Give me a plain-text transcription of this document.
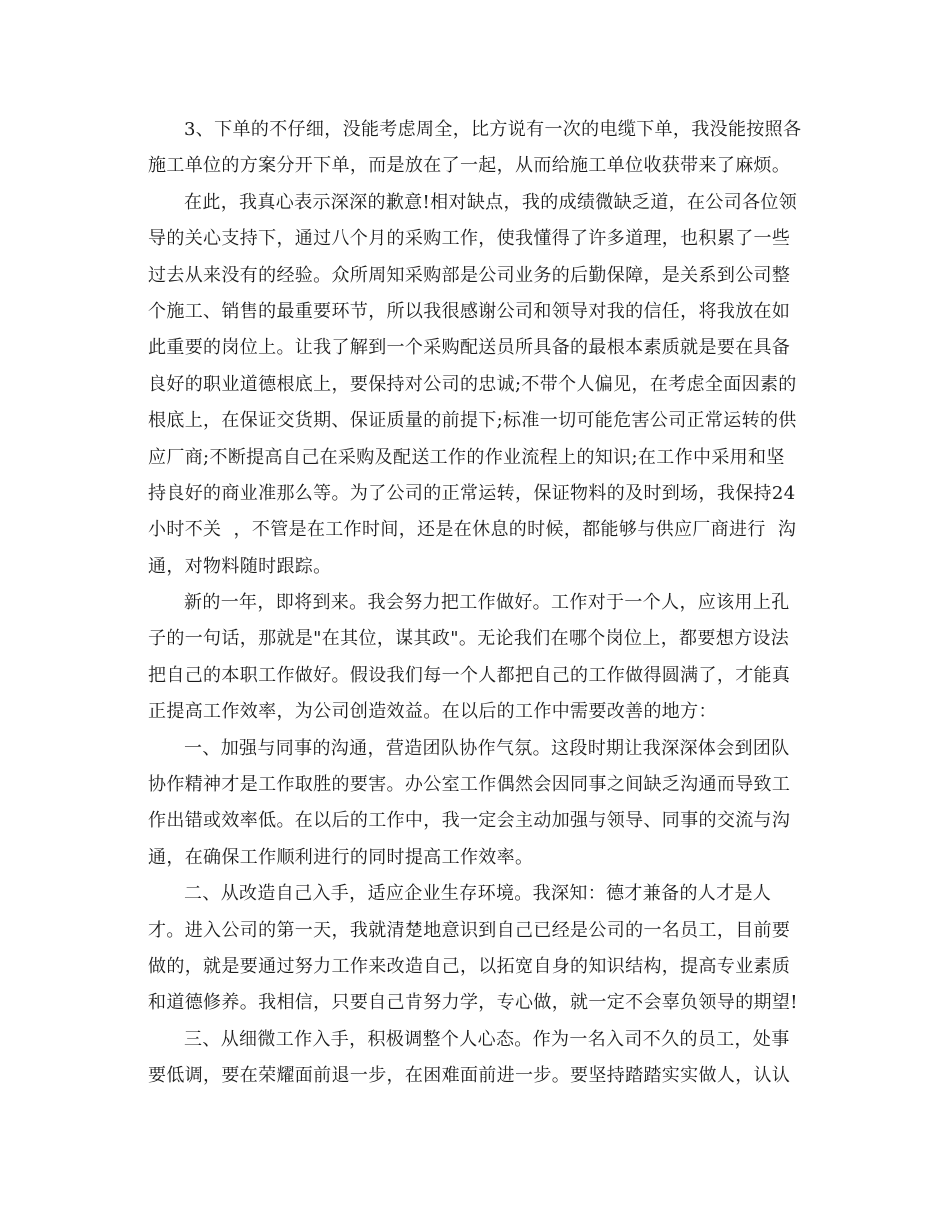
3、下单的不仔细，没能考虑周全，比方说有一次的电缆下单，我没能按照各
施工单位的方案分开下单，而是放在了一起，从而给施工单位收获带来了麻烦。
在此，我真心表示深深的歉意!相对缺点，我的成绩微缺乏道，在公司各位领
导的关心支持下，通过八个月的采购工作，使我懂得了许多道理，也积累了一些
过去从来没有的经验。众所周知采购部是公司业务的后勤保障，是关系到公司整
个施工、销售的最重要环节，所以我很感谢公司和领导对我的信任，将我放在如
此重要的岗位上。让我了解到一个采购配送员所具备的最根本素质就是要在具备
良好的职业道德根底上，要保持对公司的忠诚;不带个人偏见，在考虑全面因素的
根底上，在保证交货期、保证质量的前提下;标准一切可能危害公司正常运转的供
应厂商;不断提高自己在采购及配送工作的作业流程上的知识;在工作中采用和坚
持良好的商业准那么等。为了公司的正常运转，保证物料的及时到场，我保持24
小时不关  ，不管是在工作时间，还是在休息的时候，都能够与供应厂商进行  沟
通，对物料随时跟踪。
新的一年，即将到来。我会努力把工作做好。工作对于一个人，应该用上孔
子的一句话，那就是"在其位，谋其政"。无论我们在哪个岗位上，都要想方设法
把自己的本职工作做好。假设我们每一个人都把自己的工作做得圆满了，才能真
正提高工作效率，为公司创造效益。在以后的工作中需要改善的地方：
一、加强与同事的沟通，营造团队协作气氛。这段时期让我深深体会到团队
协作精神才是工作取胜的要害。办公室工作偶然会因同事之间缺乏沟通而导致工
作出错或效率低。在以后的工作中，我一定会主动加强与领导、同事的交流与沟
通，在确保工作顺利进行的同时提高工作效率。
二、从改造自己入手，适应企业生存环境。我深知：德才兼备的人才是人
才。进入公司的第一天，我就清楚地意识到自己已经是公司的一名员工，目前要
做的，就是要通过努力工作来改造自己，以拓宽自身的知识结构，提高专业素质
和道德修养。我相信，只要自己肯努力学，专心做，就一定不会辜负领导的期望!
三、从细微工作入手，积极调整个人心态。作为一名入司不久的员工，处事
要低调，要在荣耀面前退一步，在困难面前进一步。要坚持踏踏实实做人，认认
